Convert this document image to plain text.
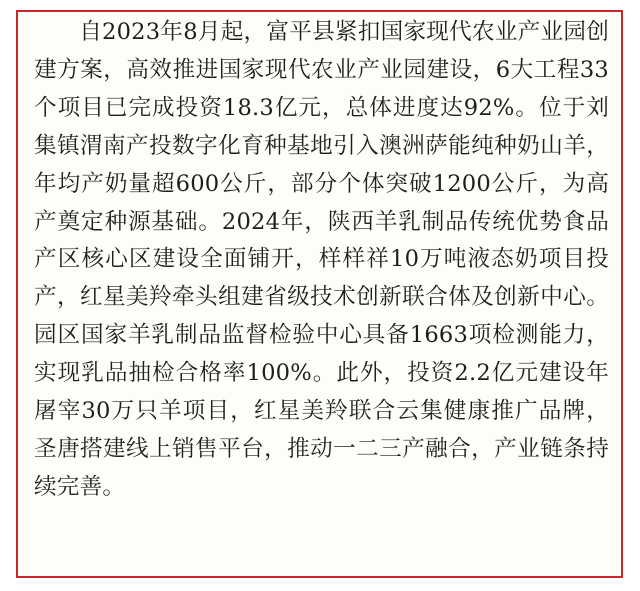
自2023年8月起，富平县紧扣国家现代农业产业园创建方案，高效推进国家现代农业产业园建设，6大工程33个项目已完成投资18.3亿元，总体进度达92%。位于刘集镇渭南产投数字化育种基地引入澳洲萨能纯种奶山羊，年均产奶量超600公斤，部分个体突破1200公斤，为高产奠定种源基础。2024年，陕西羊乳制品传统优势食品产区核心区建设全面铺开，样样祥10万吨液态奶项目投产，红星美羚牵头组建省级技术创新联合体及创新中心。园区国家羊乳制品监督检验中心具备1663项检测能力，实现乳品抽检合格率100%。此外，投资2.2亿元建设年屠宰30万只羊项目，红星美羚联合云集健康推广品牌，圣唐搭建线上销售平台，推动一二三产融合，产业链条持续完善。
